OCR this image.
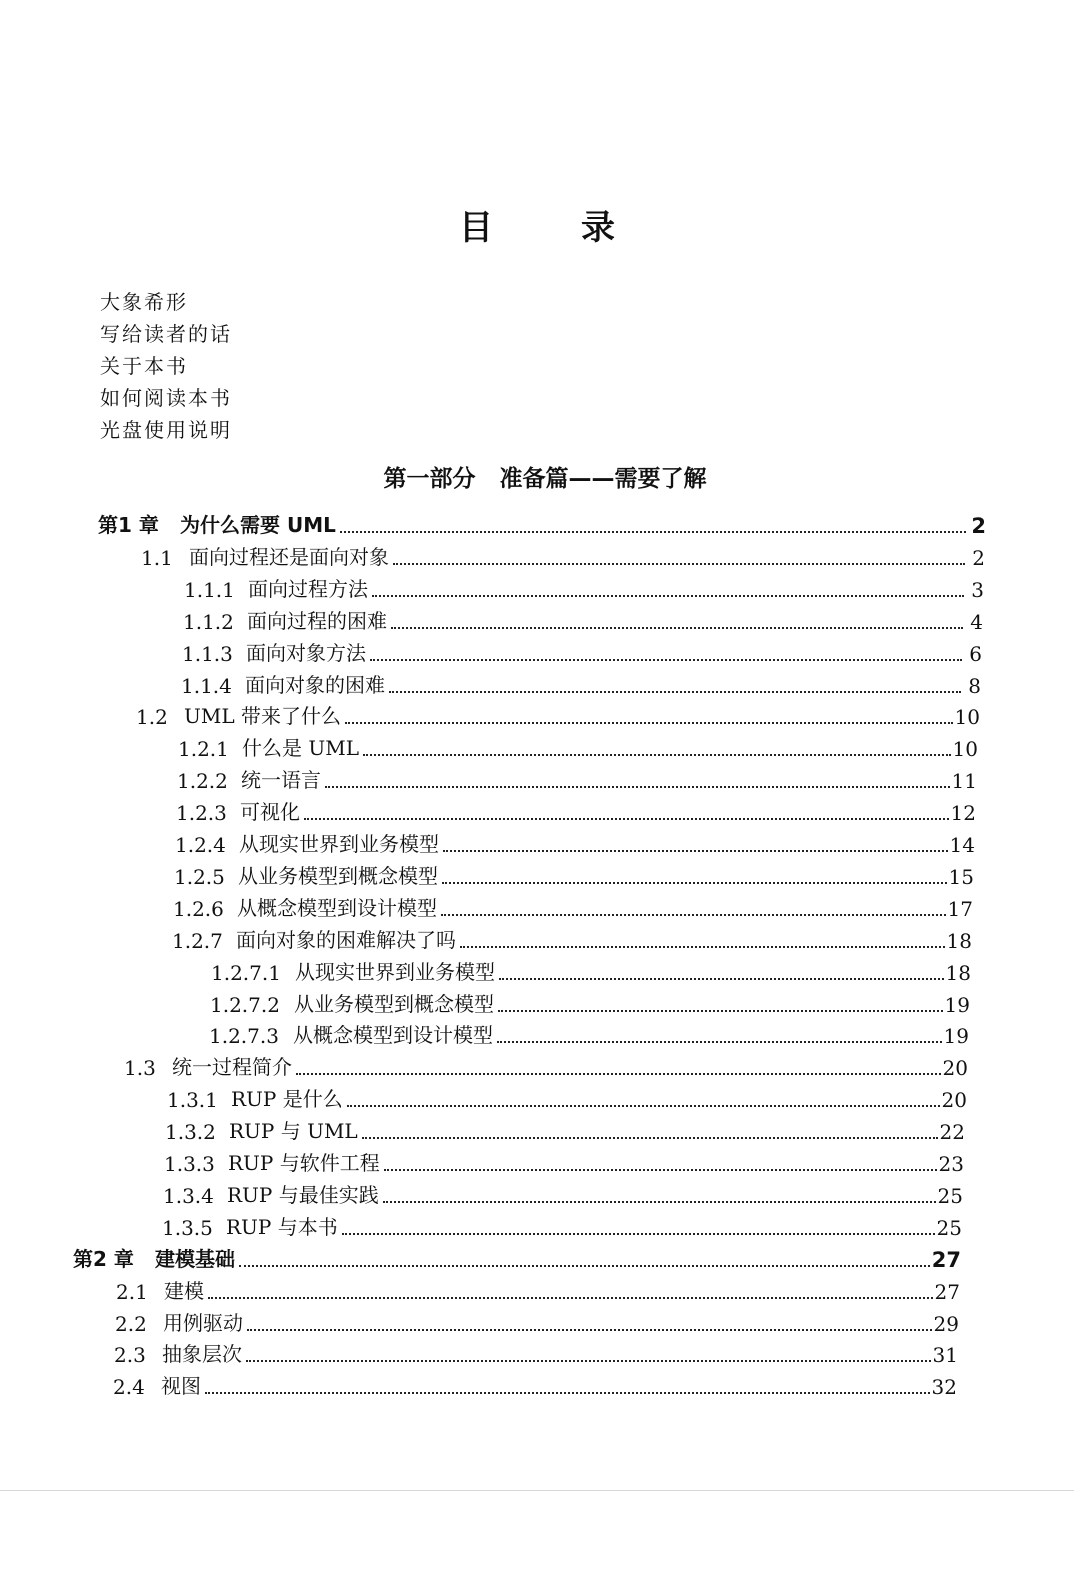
目	录
大象希形
写给读者的话
关于本书
如何阅读本书
光盘使用说明
第一部分 准备篇——需要了解
第1 章	为什么需要 UML	2
1.1 面向过程还是面向对象	2
1.1.1 面向过程方法	3
1.1.2 面向过程的困难	4
1.1.3 面向对象方法	6
1.1.4 面向对象的困难	8
1.2 UML 带来了什么	10
1.2.1 什么是 UML	10
1.2.2 统一语言	11
1.2.3 可视化	12
1.2.4 从现实世界到业务模型	14
1.2.5 从业务模型到概念模型	15
1.2.6 从概念模型到设计模型	17
1.2.7 面向对象的困难解决了吗	18
1.2.7.1 从现实世界到业务模型	18
1.2.7.2 从业务模型到概念模型	19
1.2.7.3 从概念模型到设计模型	19
1.3 统一过程简介	20
1.3.1 RUP 是什么	20
1.3.2 RUP 与 UML	22
1.3.3 RUP 与软件工程	23
1.3.4 RUP 与最佳实践	25
1.3.5 RUP 与本书	25
第2 章	建模基础	27
2.1 建模	27
2.2 用例驱动	29
2.3 抽象层次	31
2.4 视图	32
